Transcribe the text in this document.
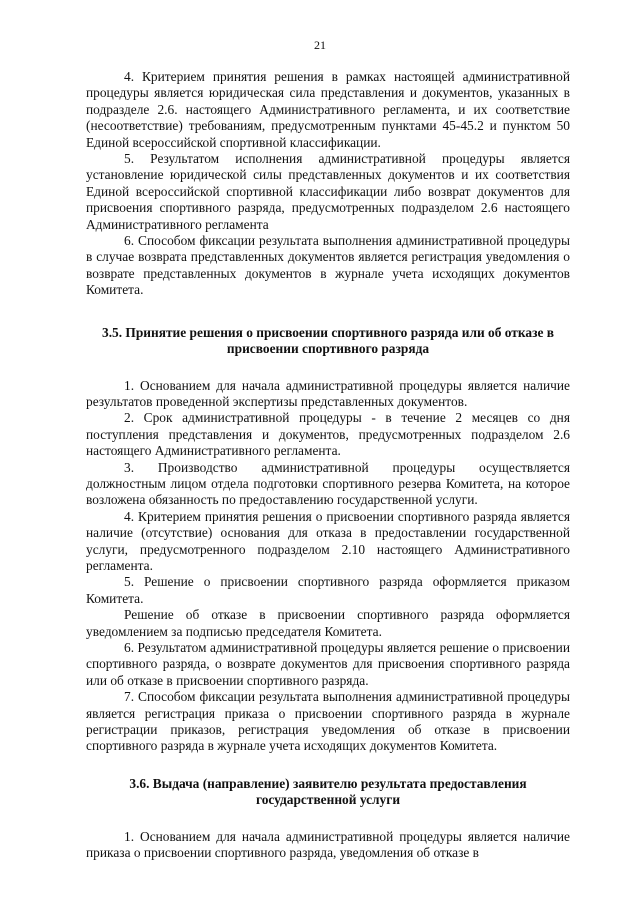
21

4. Критерием принятия решения в рамках настоящей административной процедуры является юридическая сила представления и документов, указанных в подразделе 2.6. настоящего Административного регламента, и их соответствие (несоответствие) требованиям, предусмотренным пунктами 45-45.2 и пунктом 50 Единой всероссийской спортивной классификации.

5. Результатом исполнения административной процедуры является установление юридической силы представленных документов и их соответствия Единой всероссийской спортивной классификации либо возврат документов для присвоения спортивного разряда, предусмотренных подразделом 2.6 настоящего Административного регламента

6. Способом фиксации результата выполнения административной процедуры в случае возврата представленных документов является регистрация уведомления о возврате представленных документов в журнале учета исходящих документов Комитета.

3.5. Принятие решения о присвоении спортивного разряда или об отказе в присвоении спортивного разряда

1. Основанием для начала административной процедуры является наличие результатов проведенной экспертизы представленных документов.

2. Срок административной процедуры - в течение 2 месяцев со дня поступления представления и документов, предусмотренных подразделом 2.6 настоящего Административного регламента.

3. Производство административной процедуры осуществляется должностным лицом отдела подготовки спортивного резерва Комитета, на которое возложена обязанность по предоставлению государственной услуги.

4. Критерием принятия решения о присвоении спортивного разряда является наличие (отсутствие) основания для отказа в предоставлении государственной услуги, предусмотренного подразделом 2.10 настоящего Административного регламента.

5. Решение о присвоении спортивного разряда оформляется приказом Комитета.

Решение об отказе в присвоении спортивного разряда оформляется уведомлением за подписью председателя Комитета.

6. Результатом административной процедуры является решение о присвоении спортивного разряда, о возврате документов для присвоения спортивного разряда или об отказе в присвоении спортивного разряда.

7. Способом фиксации результата выполнения административной процедуры является регистрация приказа о присвоении спортивного разряда в журнале регистрации приказов, регистрация уведомления об отказе в присвоении спортивного разряда в журнале учета исходящих документов Комитета.

3.6. Выдача (направление) заявителю результата предоставления государственной услуги

1. Основанием для начала административной процедуры является наличие приказа о присвоении спортивного разряда, уведомления об отказе в
